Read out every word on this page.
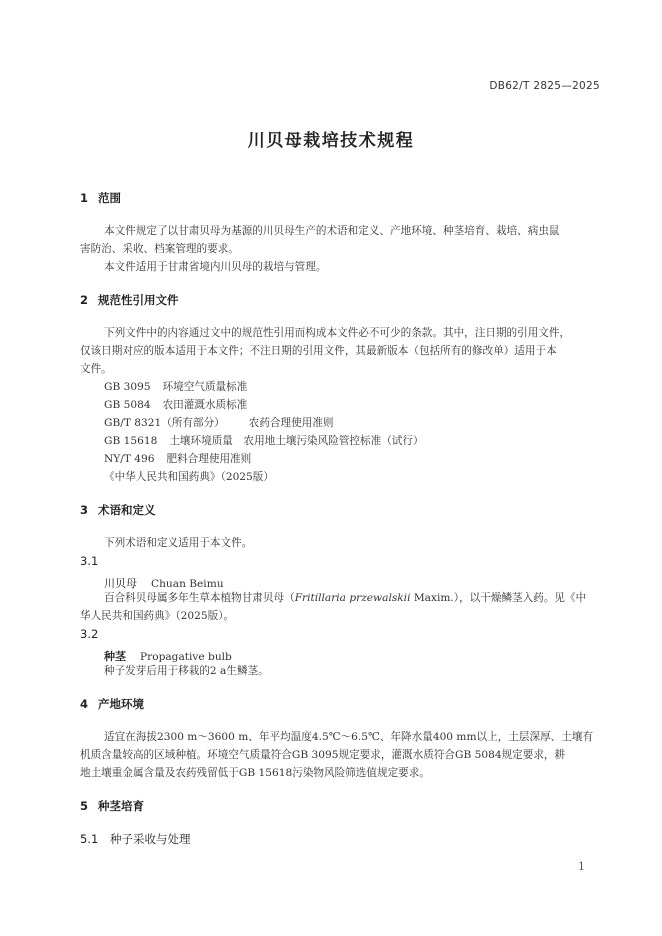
DB62/T 2825—2025
川贝母栽培技术规程
1 范围
本文件规定了以甘肃贝母为基源的川贝母生产的术语和定义、产地环境、种茎培育、栽培、病虫鼠
害防治、采收、档案管理的要求。
本文件适用于甘肃省境内川贝母的栽培与管理。
2 规范性引用文件
下列文件中的内容通过文中的规范性引用而构成本文件必不可少的条款。其中，注日期的引用文件，
仅该日期对应的版本适用于本文件；不注日期的引用文件，其最新版本（包括所有的修改单）适用于本
文件。
GB 3095 环境空气质量标准
GB 5084 农田灌溉水质标准
GB/T 8321（所有部分） 农药合理使用准则
GB 15618 土壤环境质量　农用地土壤污染风险管控标准（试行）
NY/T 496 肥料合理使用准则
《中华人民共和国药典》（2025版）
3 术语和定义
下列术语和定义适用于本文件。
3.1
川贝母 Chuan Beimu
百合科贝母属多年生草本植物甘肃贝母（Fritillaria przewalskii Maxim.），以干燥鳞茎入药。见《中
华人民共和国药典》（2025版）。
3.2
种茎 Propagative bulb
种子发芽后用于移栽的2 a生鳞茎。
4 产地环境
适宜在海拔2300 m～3600 m、年平均温度4.5℃～6.5℃、年降水量400 mm以上，土层深厚、土壤有
机质含量较高的区域种植。环境空气质量符合GB 3095规定要求，灌溉水质符合GB 5084规定要求，耕
地土壤重金属含量及农药残留低于GB 15618污染物风险筛选值规定要求。
5 种茎培育
5.1 种子采收与处理
1
